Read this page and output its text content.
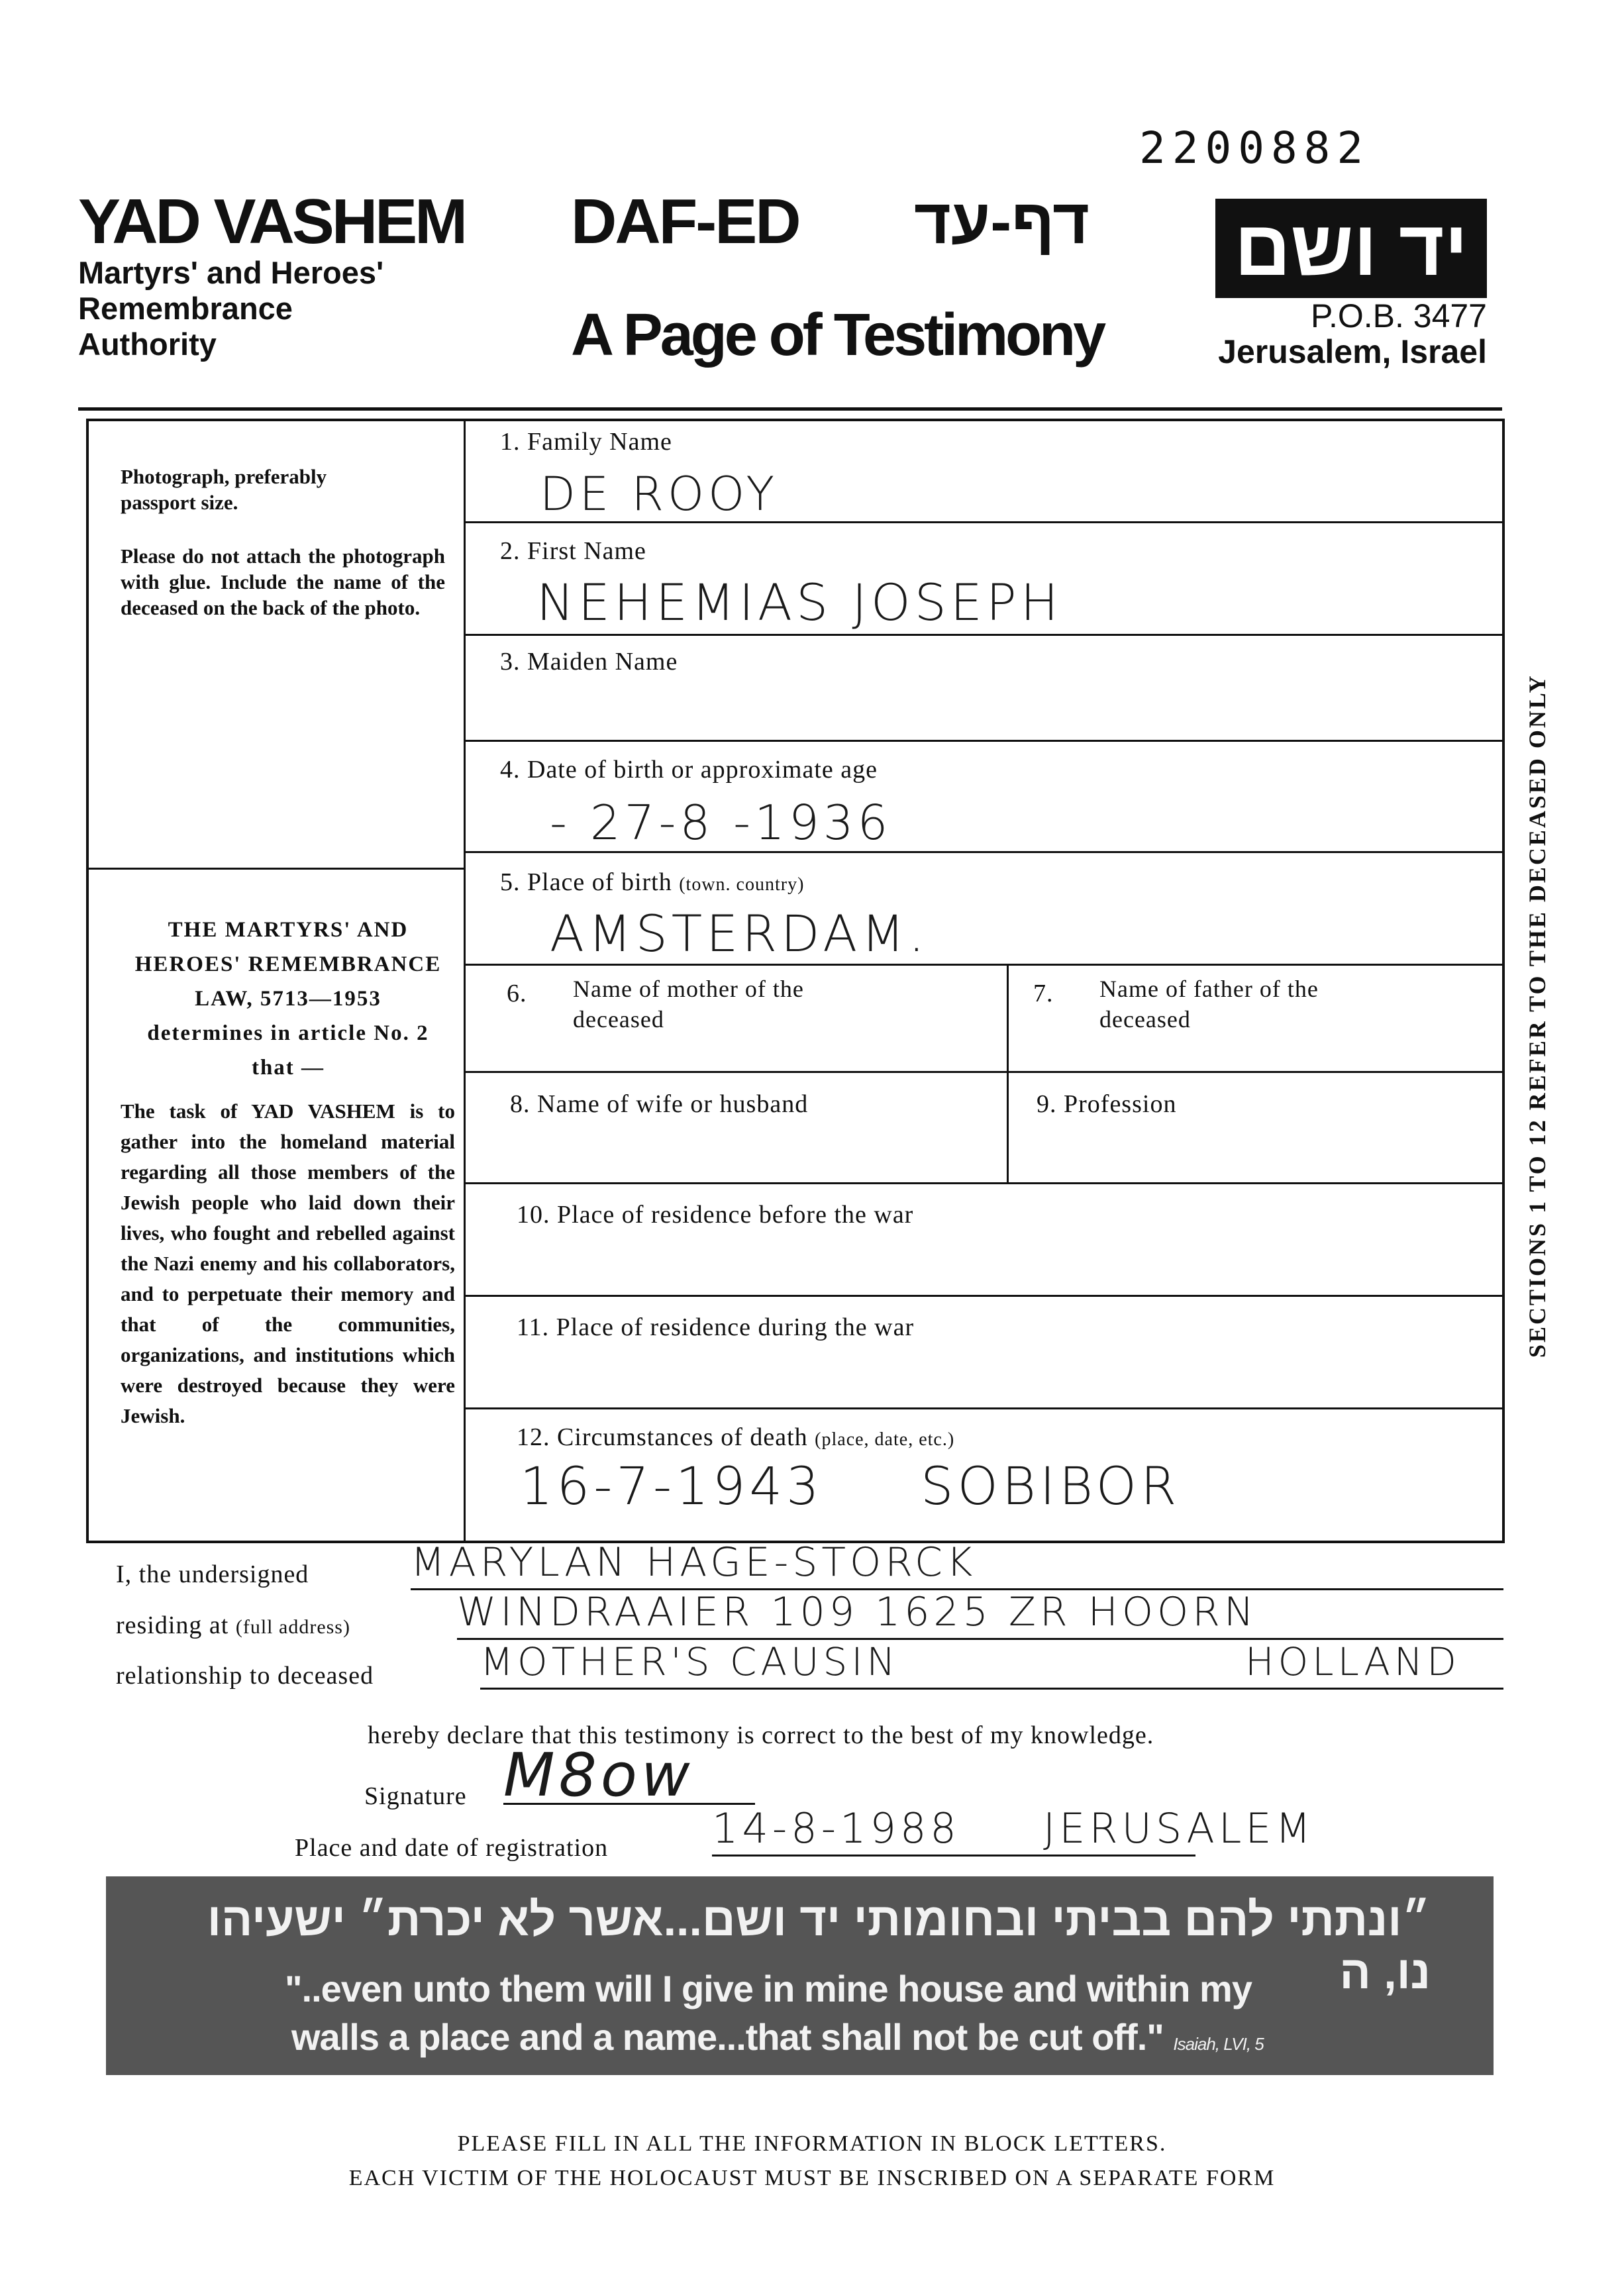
2200882
YAD VASHEM
Martyrs' and Heroes'
Remembrance
Authority
DAF-ED דף-עד
A Page of Testimony
יד ושם
P.O.B. 3477
Jerusalem, Israel
Photograph, preferably
passport size.
Please do not attach the photograph with glue. Include the name of the deceased on the back of the photo.
THE MARTYRS' AND
HEROES' REMEMBRANCE
LAW, 5713—1953
determines in article No. 2
that —
The task of YAD VASHEM is to gather into the homeland material regarding all those members of the Jewish people who laid down their lives, who fought and rebelled against the Nazi enemy and his collaborators, and to perpetuate their memory and that of the communities, organizations, and institutions which were destroyed because they were Jewish.
1. Family Name
DE ROOY
2. First Name
NEHEMIAS JOSEPH
3. Maiden Name
4. Date of birth or approximate age
- 27-8 -1936
5. Place of birth (town. country)
AMSTERDAM.
6. Name of mother of the
deceased
7. Name of father of the
deceased
8. Name of wife or husband	9. Profession
10. Place of residence before the war
11. Place of residence during the war
12. Circumstances of death (place, date, etc.)
16-7-1943 SOBIBOR
I, the undersigned	MARYLAN HAGE-STORCK
residing at (full address)	WINDRAAIER 109 1625 ZR HOORN
relationship to deceased	MOTHER'S CAUSIN	HOLLAND
hereby declare that this testimony is correct to the best of my knowledge.
Signature M8ow
Place and date of registration	14-8-1988	JERUSALEM
״ונתתי להם בביתי ובחומותי יד ושם...אשר לא יכרת״ ישעיהו נו, ה
"..even unto them will I give in mine house and within my
walls a place and a name...that shall not be cut off." Isaiah, LVI, 5
SECTIONS 1 TO 12 REFER TO THE DECEASED ONLY
PLEASE FILL IN ALL THE INFORMATION IN BLOCK LETTERS.
EACH VICTIM OF THE HOLOCAUST MUST BE INSCRIBED ON A SEPARATE FORM
